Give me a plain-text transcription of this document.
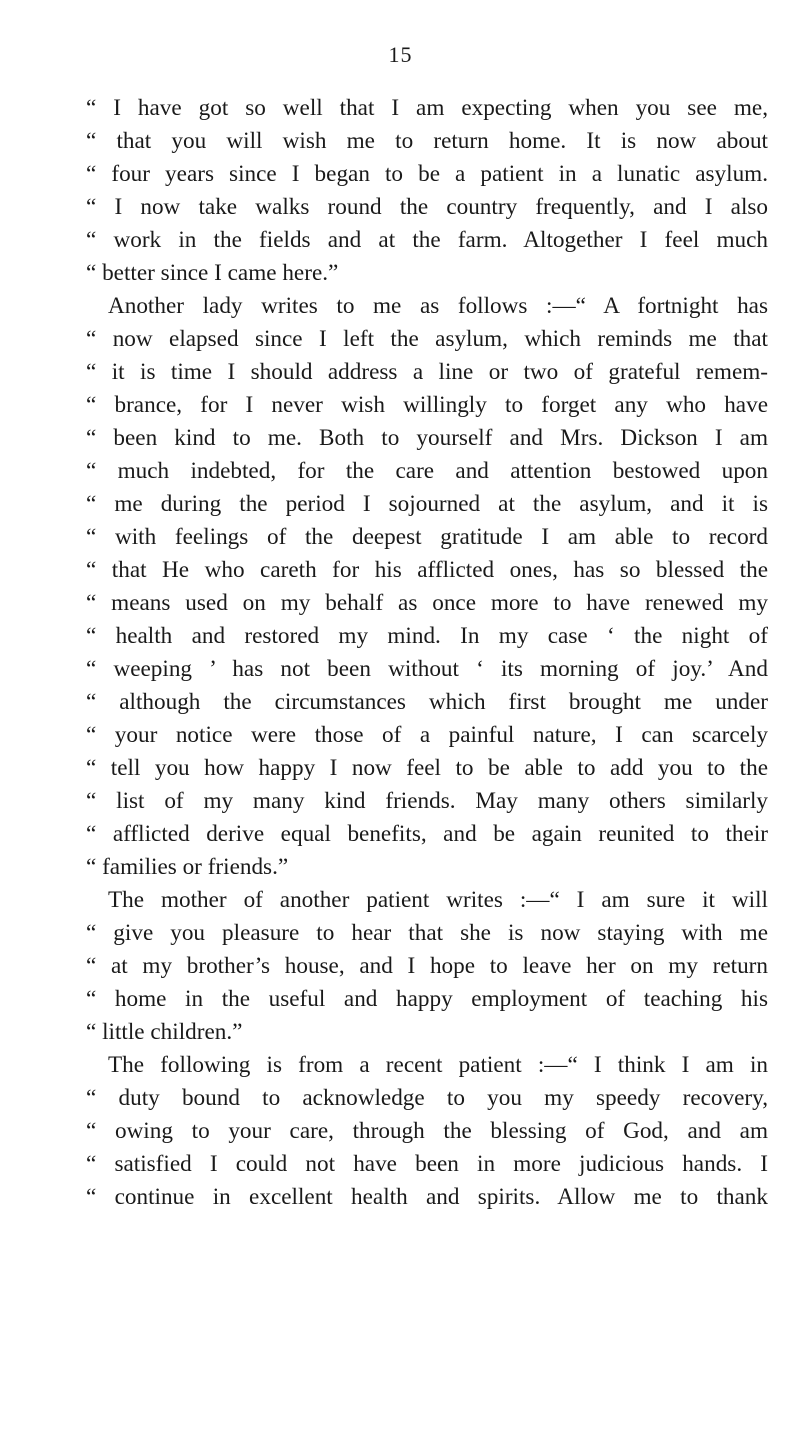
15
“ I have got so well that I am expecting when you see me,
“ that you will wish me to return home. It is now about
“ four years since I began to be a patient in a lunatic asylum.
“ I now take walks round the country frequently, and I also
“ work in the fields and at the farm. Altogether I feel much
“ better since I came here.”
Another lady writes to me as follows :—“ A fortnight has
“ now elapsed since I left the asylum, which reminds me that
“ it is time I should address a line or two of grateful remem-
“ brance, for I never wish willingly to forget any who have
“ been kind to me. Both to yourself and Mrs. Dickson I am
“ much indebted, for the care and attention bestowed upon
“ me during the period I sojourned at the asylum, and it is
“ with feelings of the deepest gratitude I am able to record
“ that He who careth for his afflicted ones, has so blessed the
“ means used on my behalf as once more to have renewed my
“ health and restored my mind. In my case ‘ the night of
“ weeping ’ has not been without ‘ its morning of joy.’ And
“ although the circumstances which first brought me under
“ your notice were those of a painful nature, I can scarcely
“ tell you how happy I now feel to be able to add you to the
“ list of my many kind friends. May many others similarly
“ afflicted derive equal benefits, and be again reunited to their
“ families or friends.”
The mother of another patient writes :—“ I am sure it will
“ give you pleasure to hear that she is now staying with me
“ at my brother’s house, and I hope to leave her on my return
“ home in the useful and happy employment of teaching his
“ little children.”
The following is from a recent patient :—“ I think I am in
“ duty bound to acknowledge to you my speedy recovery,
“ owing to your care, through the blessing of God, and am
“ satisfied I could not have been in more judicious hands. I
“ continue in excellent health and spirits. Allow me to thank
